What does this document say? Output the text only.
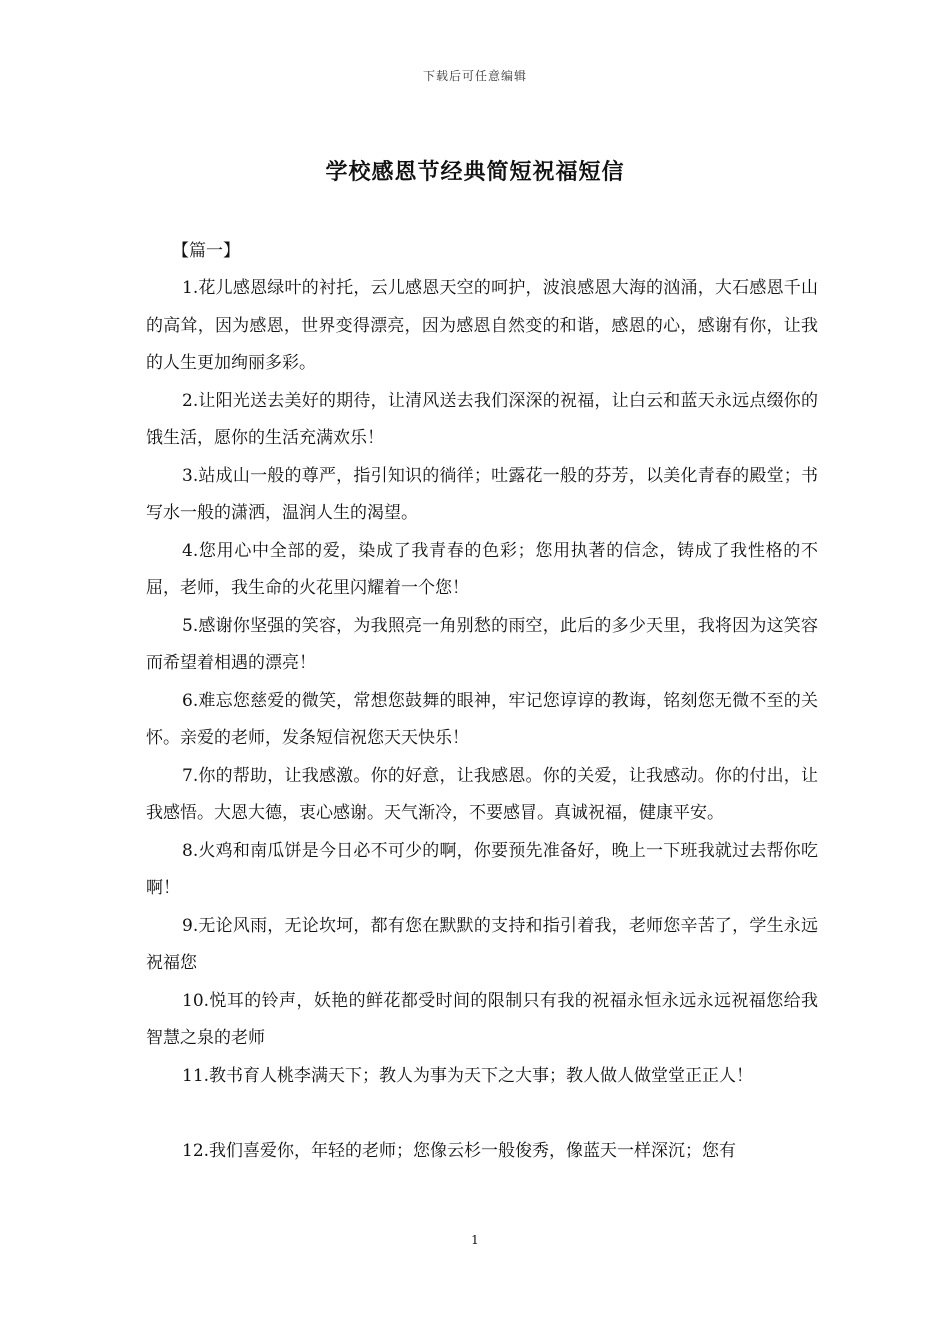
下载后可任意编辑
学校感恩节经典简短祝福短信
【篇一】

1.花儿感恩绿叶的衬托，云儿感恩天空的呵护，波浪感恩大海的汹涌，大石感恩千山的高耸，因为感恩，世界变得漂亮，因为感恩自然变的和谐，感恩的心，感谢有你，让我的人生更加绚丽多彩。

2.让阳光送去美好的期待，让清风送去我们深深的祝福，让白云和蓝天永远点缀你的饿生活，愿你的生活充满欢乐！

3.站成山一般的尊严，指引知识的徜徉；吐露花一般的芬芳，以美化青春的殿堂；书写水一般的潇洒，温润人生的渴望。

4.您用心中全部的爱，染成了我青春的色彩；您用执著的信念，铸成了我性格的不屈，老师，我生命的火花里闪耀着一个您！

5.感谢你坚强的笑容，为我照亮一角别愁的雨空，此后的多少天里，我将因为这笑容而希望着相遇的漂亮！

6.难忘您慈爱的微笑，常想您鼓舞的眼神，牢记您谆谆的教诲，铭刻您无微不至的关怀。亲爱的老师，发条短信祝您天天快乐！

7.你的帮助，让我感激。你的好意，让我感恩。你的关爱，让我感动。你的付出，让我感悟。大恩大德，衷心感谢。天气渐冷，不要感冒。真诚祝福，健康平安。

8.火鸡和南瓜饼是今日必不可少的啊，你要预先准备好，晚上一下班我就过去帮你吃啊！

9.无论风雨，无论坎坷，都有您在默默的支持和指引着我，老师您辛苦了，学生永远祝福您

10.悦耳的铃声，妖艳的鲜花都受时间的限制只有我的祝福永恒永远永远祝福您给我智慧之泉的老师

11.教书育人桃李满天下；教人为事为天下之大事；教人做人做堂堂正正人！

12.我们喜爱你，年轻的老师；您像云杉一般俊秀，像蓝天一样深沉；您有

1
